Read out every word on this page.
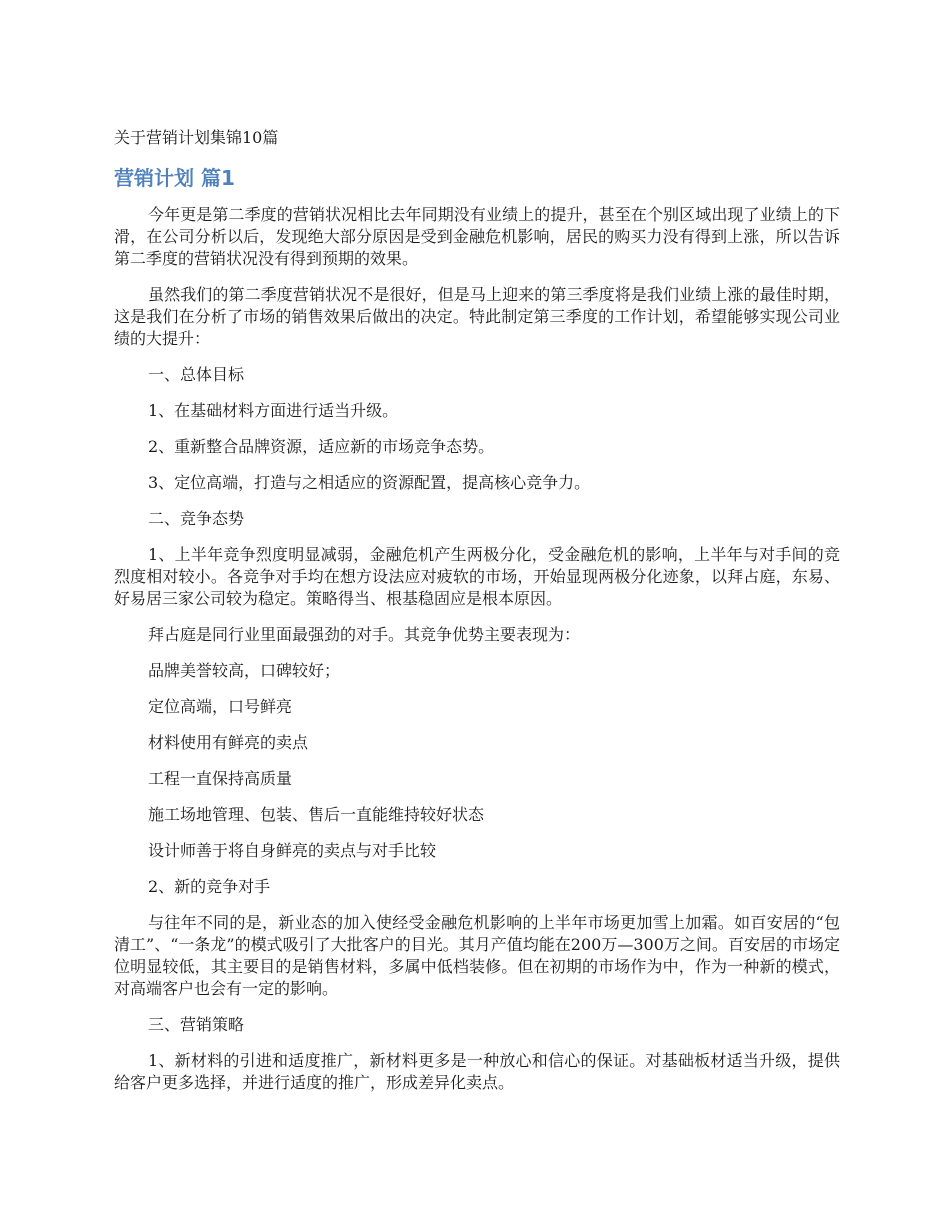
关于营销计划集锦10篇
营销计划 篇1

今年更是第二季度的营销状况相比去年同期没有业绩上的提升，甚至在个别区域出现了业绩上的下滑，在公司分析以后，发现绝大部分原因是受到金融危机影响，居民的购买力没有得到上涨，所以告诉第二季度的营销状况没有得到预期的效果。

虽然我们的第二季度营销状况不是很好，但是马上迎来的第三季度将是我们业绩上涨的最佳时期，这是我们在分析了市场的销售效果后做出的决定。特此制定第三季度的工作计划，希望能够实现公司业绩的大提升：

一、总体目标

1、在基础材料方面进行适当升级。

2、重新整合品牌资源，适应新的市场竞争态势。

3、定位高端，打造与之相适应的资源配置，提高核心竞争力。

二、竞争态势

1、上半年竞争烈度明显减弱，金融危机产生两极分化，受金融危机的影响，上半年与对手间的竞烈度相对较小。各竞争对手均在想方设法应对疲软的市场，开始显现两极分化迹象，以拜占庭，东易、好易居三家公司较为稳定。策略得当、根基稳固应是根本原因。

拜占庭是同行业里面最强劲的对手。其竞争优势主要表现为：

品牌美誉较高，口碑较好；

定位高端，口号鲜亮

材料使用有鲜亮的卖点

工程一直保持高质量

施工场地管理、包装、售后一直能维持较好状态

设计师善于将自身鲜亮的卖点与对手比较

2、新的竞争对手

与往年不同的是，新业态的加入使经受金融危机影响的上半年市场更加雪上加霜。如百安居的“包清工”、“一条龙”的模式吸引了大批客户的目光。其月产值均能在200万—300万之间。百安居的市场定位明显较低，其主要目的是销售材料，多属中低档装修。但在初期的市场作为中，作为一种新的模式，对高端客户也会有一定的影响。

三、营销策略

1、新材料的引进和适度推广，新材料更多是一种放心和信心的保证。对基础板材适当升级，提供给客户更多选择，并进行适度的推广，形成差异化卖点。
